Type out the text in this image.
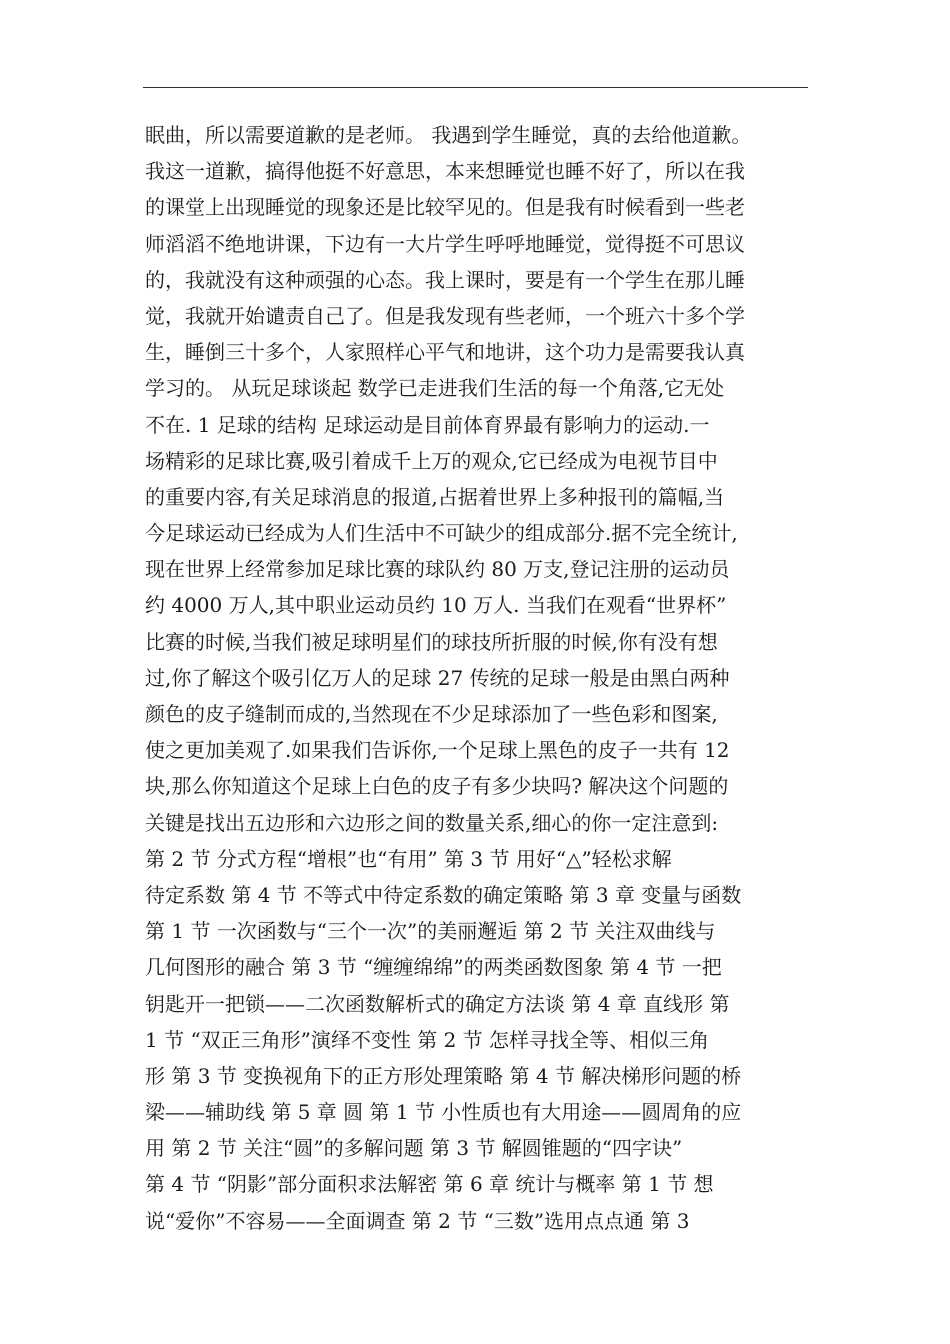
眠曲，所以需要道歉的是老师。 我遇到学生睡觉，真的去给他道歉。
我这一道歉，搞得他挺不好意思，本来想睡觉也睡不好了，所以在我
的课堂上出现睡觉的现象还是比较罕见的。但是我有时候看到一些老
师滔滔不绝地讲课，下边有一大片学生呼呼地睡觉，觉得挺不可思议
的，我就没有这种顽强的心态。我上课时，要是有一个学生在那儿睡
觉，我就开始谴责自己了。但是我发现有些老师，一个班六十多个学
生，睡倒三十多个，人家照样心平气和地讲，这个功力是需要我认真
学习的。 从玩足球谈起 数学已走进我们生活的每一个角落,它无处
不在. 1 足球的结构 足球运动是目前体育界最有影响力的运动.一
场精彩的足球比赛,吸引着成千上万的观众,它已经成为电视节目中
的重要内容,有关足球消息的报道,占据着世界上多种报刊的篇幅,当
今足球运动已经成为人们生活中不可缺少的组成部分.据不完全统计,
现在世界上经常参加足球比赛的球队约 80 万支,登记注册的运动员
约 4000 万人,其中职业运动员约 10 万人. 当我们在观看“世界杯”
比赛的时候,当我们被足球明星们的球技所折服的时候,你有没有想
过,你了解这个吸引亿万人的足球 27 传统的足球一般是由黑白两种
颜色的皮子缝制而成的,当然现在不少足球添加了一些色彩和图案,
使之更加美观了.如果我们告诉你,一个足球上黑色的皮子一共有 12
块,那么你知道这个足球上白色的皮子有多少块吗? 解决这个问题的
关键是找出五边形和六边形之间的数量关系,细心的你一定注意到:
第 2 节 分式方程“增根”也“有用” 第 3 节 用好“△”轻松求解
待定系数 第 4 节 不等式中待定系数的确定策略 第 3 章 变量与函数
第 1 节 一次函数与“三个一次”的美丽邂逅 第 2 节 关注双曲线与
几何图形的融合 第 3 节 “缠缠绵绵”的两类函数图象 第 4 节 一把
钥匙开一把锁——二次函数解析式的确定方法谈 第 4 章 直线形 第
1 节 “双正三角形”演绎不变性 第 2 节 怎样寻找全等、相似三角
形 第 3 节 变换视角下的正方形处理策略 第 4 节 解决梯形问题的桥
梁——辅助线 第 5 章 圆 第 1 节 小性质也有大用途——圆周角的应
用 第 2 节 关注“圆”的多解问题 第 3 节 解圆锥题的“四字诀”
第 4 节 “阴影”部分面积求法解密 第 6 章 统计与概率 第 1 节 想
说“爱你”不容易——全面调查 第 2 节 “三数”选用点点通 第 3
